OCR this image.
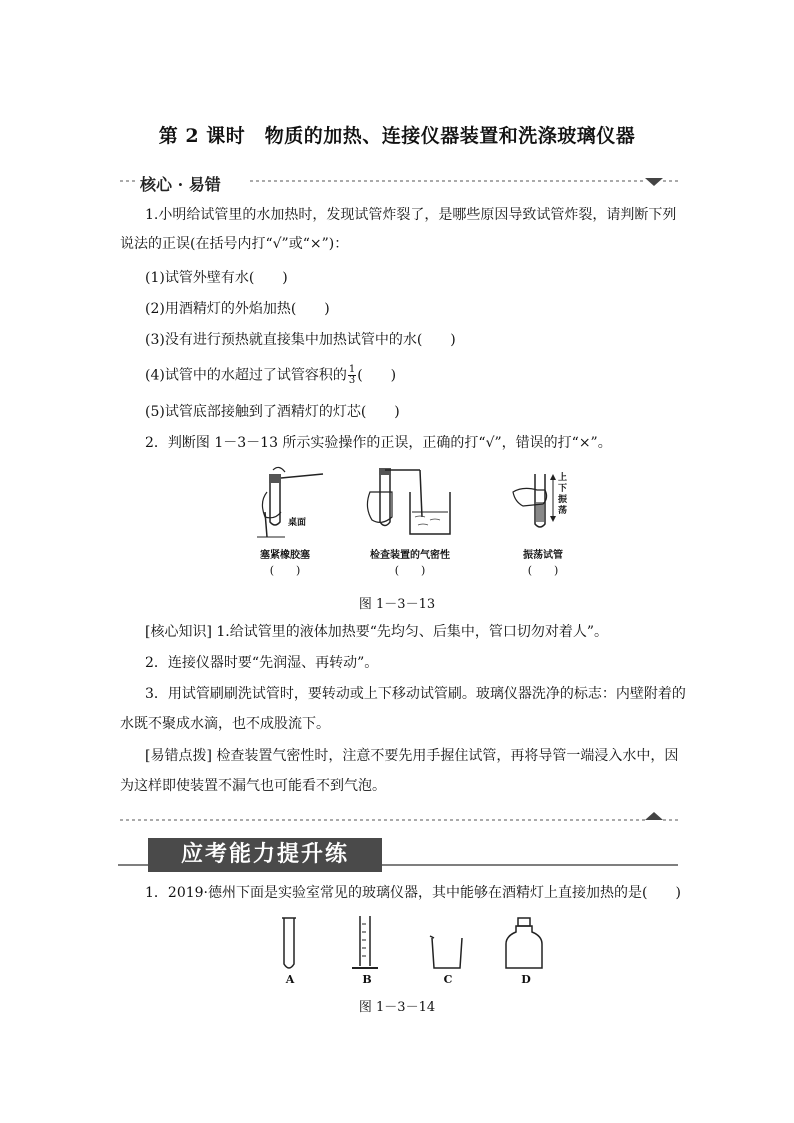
第 2 课时　物质的加热、连接仪器装置和洗涤玻璃仪器
核心 · 易错
1.小明给试管里的水加热时，发现试管炸裂了，是哪些原因导致试管炸裂，请判断下列
说法的正误(在括号内打“√”或“×”)：
(1)试管外壁有水(　　)
(2)用酒精灯的外焰加热(　　)
(3)没有进行预热就直接集中加热试管中的水(　　)
(4)试管中的水超过了试管容积的 $\frac{1}{3}$ (　　)
(5)试管底部接触到了酒精灯的灯芯(　　)
2．判断图 1－3－13 所示实验操作的正误，正确的打“√”，错误的打“×”。
桌面
上下振荡
塞紧橡胶塞	检查装置的气密性	振荡试管
(　　)	(　　)	(　　)
图 1－3－13
[核心知识] 1.给试管里的液体加热要“先均匀、后集中，管口切勿对着人”。
2．连接仪器时要“先润湿、再转动”。
3．用试管刷刷洗试管时，要转动或上下移动试管刷。玻璃仪器洗净的标志：内壁附着的
水既不聚成水滴，也不成股流下。
[易错点拨] 检查装置气密性时，注意不要先用手握住试管，再将导管一端浸入水中，因
为这样即使装置不漏气也可能看不到气泡。
应考能力提升练
1．2019·德州下面是实验室常见的玻璃仪器，其中能够在酒精灯上直接加热的是(　　)
A	B	C	D
图 1－3－14
